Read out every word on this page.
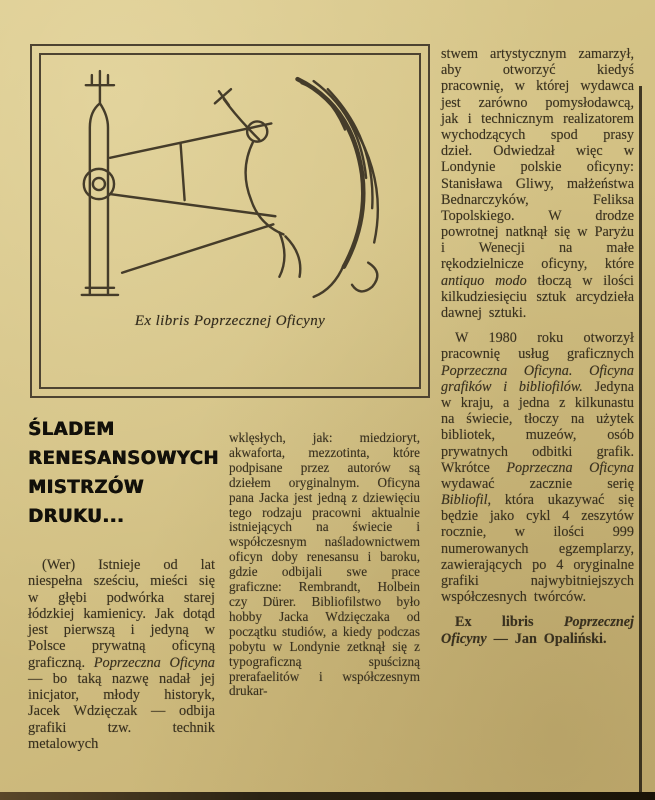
Ex libris Poprzecznej Oficyny
ŚLADEM
RENESANSOWYCH
MISTRZÓW
DRUKU...

(Wer) Istnieje od lat niespełna sześciu, mieści się w głębi podwórka starej łódzkiej kamienicy. Jak dotąd jest pierwszą i jedyną w Polsce prywatną oficyną graficzną. Poprzeczna Oficyna — bo taką nazwę nadał jej inicjator, młody historyk, Jacek Wdzięczak — odbija grafiki tzw. technik metalowych

wklęsłych, jak: miedzioryt, akwaforta, mezzotinta, które podpisane przez autorów są dziełem oryginalnym. Oficyna pana Jacka jest jedną z dziewięciu tego rodzaju pracowni aktualnie istniejących na świecie i współczesnym naśladownictwem oficyn doby renesansu i baroku, gdzie odbijali swe prace graficzne: Rembrandt, Holbein czy Dürer. Bibliofilstwo było hobby Jacka Wdzięczaka od początku studiów, a kiedy podczas pobytu w Londynie zetknął się z typograficzną spuścizną prerafaelitów i współczesnym drukar-

stwem artystycznym zamarzył, aby otworzyć kiedyś pracownię, w której wydawca jest zarówno pomysłodawcą, jak i technicznym realizatorem wychodzących spod prasy dzieł. Odwiedzał więc w Londynie polskie oficyny: Stanisława Gliwy, małżeństwa Bednarczyków, Feliksa Topolskiego. W drodze powrotnej natknął się w Paryżu i Wenecji na małe rękodzielnicze oficyny, które antiquo modo tłoczą w ilości kilkudziesięciu sztuk arcydzieła dawnej sztuki.

W 1980 roku otworzył pracownię usług graficznych Poprzeczna Oficyna. Oficyna grafików i bibliofilów. Jedyna w kraju, a jedna z kilkunastu na świecie, tłoczy na użytek bibliotek, muzeów, osób prywatnych odbitki grafik. Wkrótce Poprzeczna Oficyna wydawać zacznie serię Bibliofil, która ukazywać się będzie jako cykl 4 zeszytów rocznie, w ilości 999 numerowanych egzemplarzy, zawierających po 4 oryginalne grafiki najwybitniejszych współczesnych twórców.

Ex libris Poprzecznej Oficyny — Jan Opaliński.
